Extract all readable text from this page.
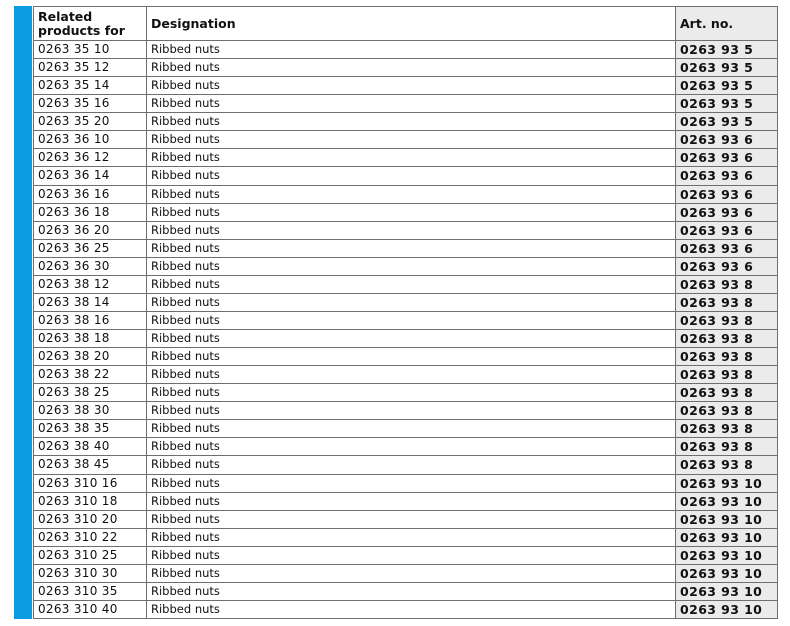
Related products for	Designation	Art. no.
0263 35 10	Ribbed nuts	0263 93 5
0263 35 12	Ribbed nuts	0263 93 5
0263 35 14	Ribbed nuts	0263 93 5
0263 35 16	Ribbed nuts	0263 93 5
0263 35 20	Ribbed nuts	0263 93 5
0263 36 10	Ribbed nuts	0263 93 6
0263 36 12	Ribbed nuts	0263 93 6
0263 36 14	Ribbed nuts	0263 93 6
0263 36 16	Ribbed nuts	0263 93 6
0263 36 18	Ribbed nuts	0263 93 6
0263 36 20	Ribbed nuts	0263 93 6
0263 36 25	Ribbed nuts	0263 93 6
0263 36 30	Ribbed nuts	0263 93 6
0263 38 12	Ribbed nuts	0263 93 8
0263 38 14	Ribbed nuts	0263 93 8
0263 38 16	Ribbed nuts	0263 93 8
0263 38 18	Ribbed nuts	0263 93 8
0263 38 20	Ribbed nuts	0263 93 8
0263 38 22	Ribbed nuts	0263 93 8
0263 38 25	Ribbed nuts	0263 93 8
0263 38 30	Ribbed nuts	0263 93 8
0263 38 35	Ribbed nuts	0263 93 8
0263 38 40	Ribbed nuts	0263 93 8
0263 38 45	Ribbed nuts	0263 93 8
0263 310 16	Ribbed nuts	0263 93 10
0263 310 18	Ribbed nuts	0263 93 10
0263 310 20	Ribbed nuts	0263 93 10
0263 310 22	Ribbed nuts	0263 93 10
0263 310 25	Ribbed nuts	0263 93 10
0263 310 30	Ribbed nuts	0263 93 10
0263 310 35	Ribbed nuts	0263 93 10
0263 310 40	Ribbed nuts	0263 93 10
